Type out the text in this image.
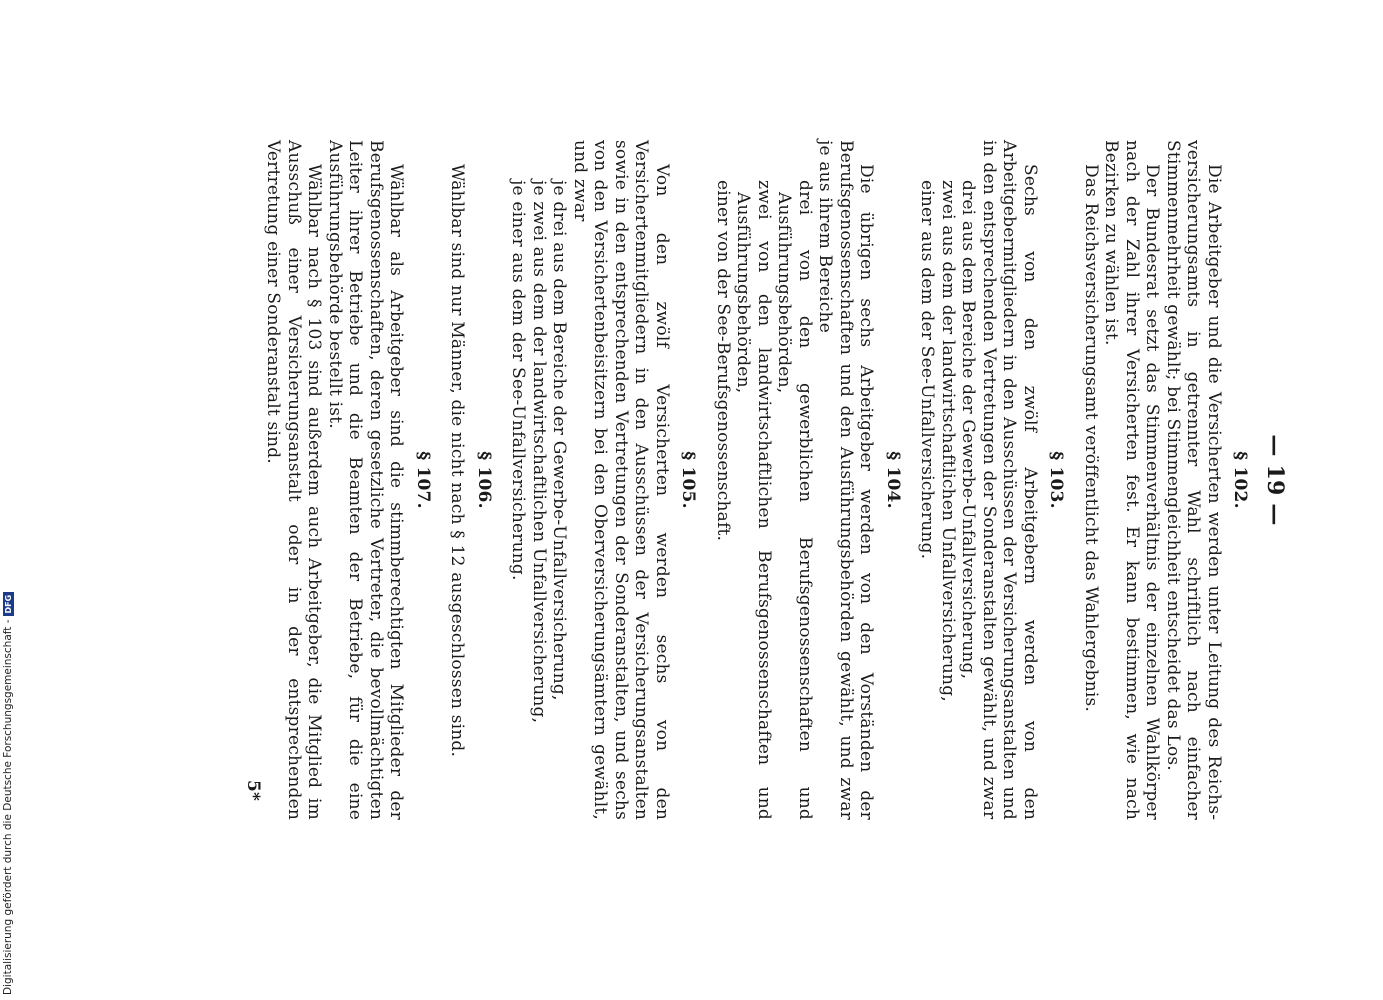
— 19 —
§ 102.

Die Arbeitgeber und die Versicherten werden unter Leitung des Reichsversicherungsamts in getrennter Wahl schriftlich nach einfacher Stimmenmehrheit gewählt; bei Stimmengleichheit entscheidet das Los.

Der Bundesrat setzt das Stimmenverhältnis der einzelnen Wahlkörper nach der Zahl ihrer Versicherten fest. Er kann bestimmen, wie nach Bezirken zu wählen ist.

Das Reichsversicherungsamt veröffentlicht das Wahlergebnis.

§ 103.

Sechs von den zwölf Arbeitgebern werden von den Arbeitgebermitgliedern in den Ausschüssen der Versicherungsanstalten und in den entsprechenden Vertretungen der Sonderanstalten gewählt, und zwar

drei aus dem Bereiche der Gewerbe-Unfallversicherung,

zwei aus dem der landwirtschaftlichen Unfallversicherung,

einer aus dem der See-Unfallversicherung.

§ 104.

Die übrigen sechs Arbeitgeber werden von den Vorständen der Berufsgenossenschaften und den Ausführungsbehörden gewählt, und zwar je aus ihrem Bereiche

drei von den gewerblichen Berufsgenossenschaften und Ausführungsbehörden,

zwei von den landwirtschaftlichen Berufsgenossenschaften und Ausführungsbehörden,

einer von der See-Berufsgenossenschaft.

§ 105.

Von den zwölf Versicherten werden sechs von den Versichertenmitgliedern in den Ausschüssen der Versicherungsanstalten sowie in den entsprechenden Vertretungen der Sonderanstalten, und sechs von den Versichertenbeisitzern bei den Oberversicherungsämtern gewählt, und zwar

je drei aus dem Bereiche der Gewerbe-Unfallversicherung,

je zwei aus dem der landwirtschaftlichen Unfallversicherung,

je einer aus dem der See-Unfallversicherung.

§ 106.

Wählbar sind nur Männer, die nicht nach § 12 ausgeschlossen sind.

§ 107.

Wählbar als Arbeitgeber sind die stimmberechtigten Mitglieder der Berufsgenossenschaften, deren gesetzliche Vertreter, die bevollmächtigten Leiter ihrer Betriebe und die Beamten der Betriebe, für die eine Ausführungsbehörde bestellt ist.

Wählbar nach § 103 sind außerdem auch Arbeitgeber, die Mitglied im Ausschuß einer Versicherungsanstalt oder in der entsprechenden Vertretung einer Sonderanstalt sind.

5*

Digitalisierung gefördert durch die Deutsche Forschungsgemeinschaft -DFG
